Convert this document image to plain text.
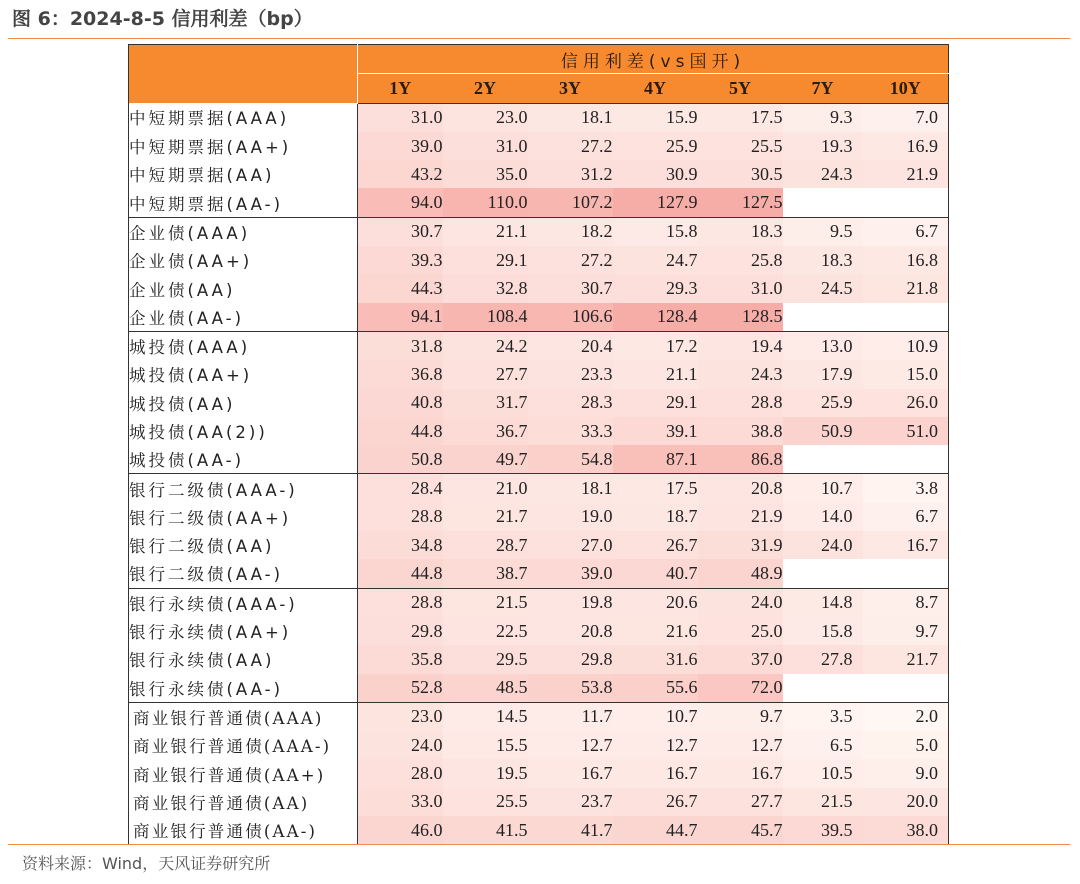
图 6：2024-8-5 信用利差（bp）
	信用利差(vs国开)						
	1Y	2Y	3Y	4Y	5Y	7Y	10Y
中短期票据(AAA)	31.0	23.0	18.1	15.9	17.5	9.3	7.0
中短期票据(AA+)	39.0	31.0	27.2	25.9	25.5	19.3	16.9
中短期票据(AA)	43.2	35.0	31.2	30.9	30.5	24.3	21.9
中短期票据(AA-)	94.0	110.0	107.2	127.9	127.5		
企业债(AAA)	30.7	21.1	18.2	15.8	18.3	9.5	6.7
企业债(AA+)	39.3	29.1	27.2	24.7	25.8	18.3	16.8
企业债(AA)	44.3	32.8	30.7	29.3	31.0	24.5	21.8
企业债(AA-)	94.1	108.4	106.6	128.4	128.5		
城投债(AAA)	31.8	24.2	20.4	17.2	19.4	13.0	10.9
城投债(AA+)	36.8	27.7	23.3	21.1	24.3	17.9	15.0
城投债(AA)	40.8	31.7	28.3	29.1	28.8	25.9	26.0
城投债(AA(2))	44.8	36.7	33.3	39.1	38.8	50.9	51.0
城投债(AA-)	50.8	49.7	54.8	87.1	86.8		
银行二级债(AAA-)	28.4	21.0	18.1	17.5	20.8	10.7	3.8
银行二级债(AA+)	28.8	21.7	19.0	18.7	21.9	14.0	6.7
银行二级债(AA)	34.8	28.7	27.0	26.7	31.9	24.0	16.7
银行二级债(AA-)	44.8	38.7	39.0	40.7	48.9		
银行永续债(AAA-)	28.8	21.5	19.8	20.6	24.0	14.8	8.7
银行永续债(AA+)	29.8	22.5	20.8	21.6	25.0	15.8	9.7
银行永续债(AA)	35.8	29.5	29.8	31.6	37.0	27.8	21.7
银行永续债(AA-)	52.8	48.5	53.8	55.6	72.0		
商业银行普通债(AAA)	23.0	14.5	11.7	10.7	9.7	3.5	2.0
商业银行普通债(AAA-)	24.0	15.5	12.7	12.7	12.7	6.5	5.0
商业银行普通债(AA+)	28.0	19.5	16.7	16.7	16.7	10.5	9.0
商业银行普通债(AA)	33.0	25.5	23.7	26.7	27.7	21.5	20.0
商业银行普通债(AA-)	46.0	41.5	41.7	44.7	45.7	39.5	38.0
资料来源：Wind，天风证券研究所
